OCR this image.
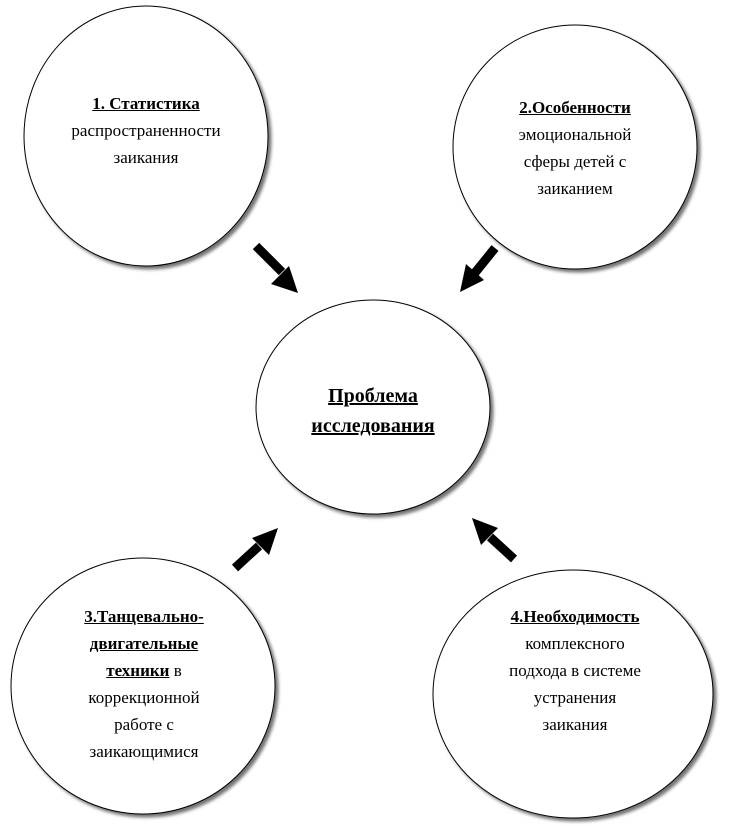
Проблема
исследования
1. Статистика
распространенности
заикания
2.Особенности
эмоциональной
сферы детей с
заиканием
3.Танцевально-
двигательные
техники в
коррекционной
работе с
заикающимися
4.Необходимость
комплексного
подхода в системе
устранения
заикания
